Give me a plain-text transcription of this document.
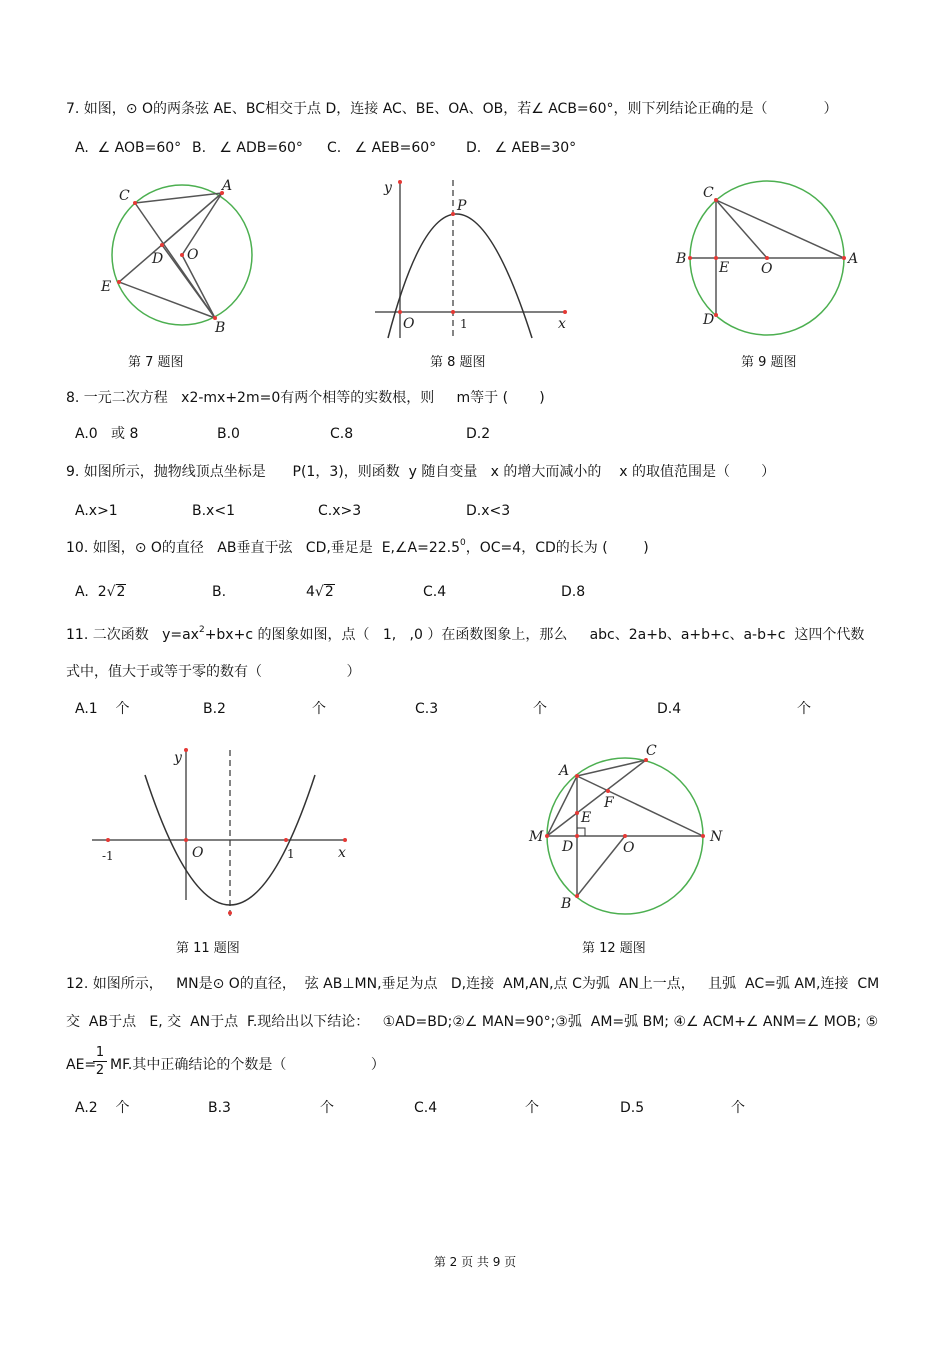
7. 如图，⊙ O的两条弦 AE、BC相交于点 D，连接 AC、BE、OA、OB，若∠ ACB=60°，则下列结论正确的是（　　　　）
A.  ∠ AOB=60° B.   ∠ ADB=60° C.   ∠ AEB=60° D.   ∠ AEB=30°
C
A
D O
E
B
y
P
O	1	x
C
B
E O
A
D
第 7 题图	第 8 题图	第 9 题图
8. 一元二次方程   x2-mx+2m=0有两个相等的实数根，则     m等于 (       )
A.0   或 8	B.0	C.8	D.2
9. 如图所示，抛物线顶点坐标是      P(1，3)，则函数  y 随自变量   x 的增大而减小的    x 的取值范围是（       ）
A.x>1	B.x<1	C.x>3	D.x<3
10. 如图，⊙ O的直径   AB垂直于弦   CD,垂足是  $E,\angle A=22.5^0$，OC=4，CD的长为 (        )
A. 2√2	B.	4√2	C.4	D.8
11. 二次函数   $y=ax^2+bx+c$ 的图象如图，点（   1,   ,0 ）在函数图象上，那么     abc、2a+b、a+b+c、a-b+c  这四个代数
式中，值大于或等于零的数有（                   ）
A.1    个	B.2	个	C.3	个	D.4	个
y
-1	O	1	x
C
A
F
E
M
D	O
N
B
第 11 题图	第 12 题图
12. 如图所示，   MN是⊙ O的直径，  弦 AB⊥MN,垂足为点   D,连接  AM,AN,点 C为弧  AN上一点，   且弧  AC=弧 AM,连接  CM
交  AB于点   E, 交  AN于点  F.现给出以下结论：   ①AD=BD;②∠ MAN=90°;③弧  AM=弧 BM; ④∠ ACM+∠ ANM=∠ MOB; ⑤
AE=
1
2 MF.其中正确结论的个数是（                   ）
A.2    个	B.3	个	C.4	个	D.5	个
第 2 页 共 9 页
